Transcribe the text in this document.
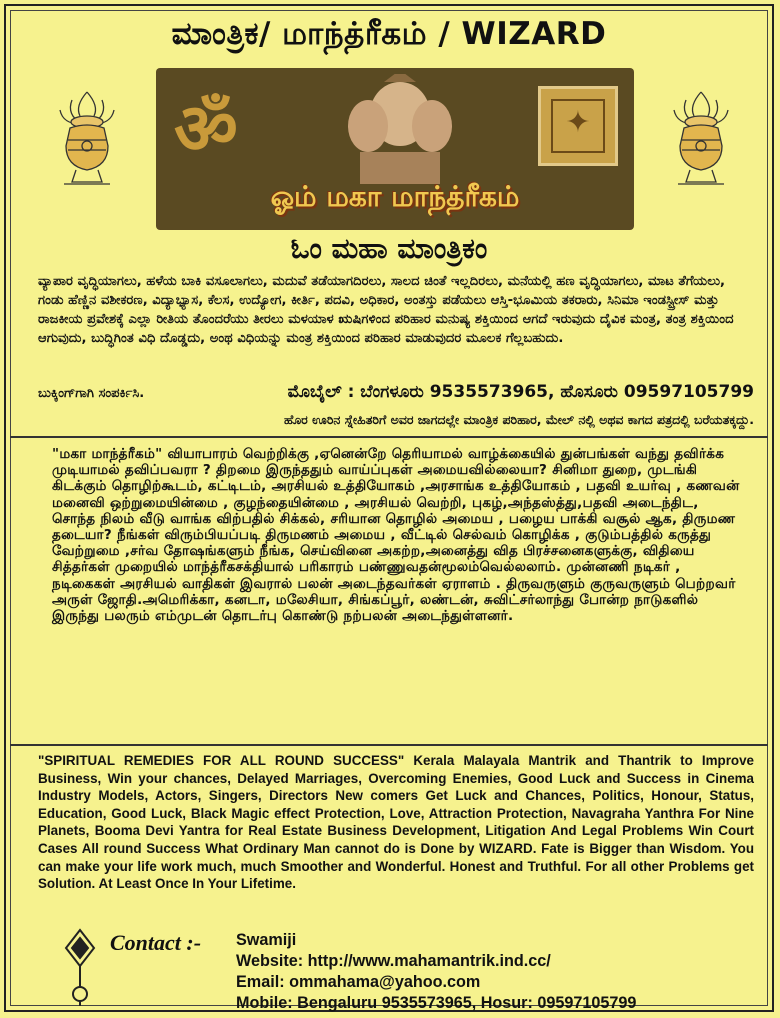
ಮಾಂತ್ರಿಕ/ மாந்த்ரீகம் / WIZARD
ॐ
✦
ஓம் மகா மாந்த்ரீகம்
ಓಂ ಮಹಾ ಮಾಂತ್ರಿಕಂ
ವ್ಯಾಪಾರ ವೃದ್ಧಿಯಾಗಲು, ಹಳೆಯ ಬಾಕಿ ವಸೂಲಾಗಲು, ಮದುವೆ ತಡೆಯಾಗದಿರಲು, ಸಾಲದ ಚಿಂತೆ ಇಲ್ಲದಿರಲು, ಮನೆಯಲ್ಲಿ ಹಣ ವೃದ್ಧಿಯಾಗಲು, ಮಾಟ ತೆಗೆಯಲು, ಗಂಡು ಹೆಣ್ಣಿನ ವಶೀಕರಣ, ವಿದ್ಯಾಭ್ಯಾಸ, ಕೆಲಸ, ಉದ್ಯೋಗ, ಕೀರ್ತಿ, ಪದವಿ, ಅಧಿಕಾರ, ಅಂತಸ್ತು ಪಡೆಯಲು ಆಸ್ತಿ-ಭೂಮಿಯ ತಕರಾರು, ಸಿನಿಮಾ ಇಂಡಸ್ಟ್ರೀಸ್ ಮತ್ತು ರಾಜಕೀಯ ಪ್ರವೇಶಕ್ಕೆ ಎಲ್ಲಾ ರೀತಿಯ ತೊಂದರೆಯು ತೀರಲು ಮಳಯಾಳ ಋಷಿಗಳಿಂದ ಪರಿಹಾರ ಮನುಷ್ಯ ಶಕ್ತಿಯಿಂದ ಆಗದೆ ಇರುವುದು ದೈವಿಕ ಮಂತ್ರ, ತಂತ್ರ ಶಕ್ತಿಯಿಂದ ಆಗುವುದು, ಬುದ್ಧಿಗಿಂತ ವಿಧಿ ದೊಡ್ಡದು, ಅಂಥ ವಿಧಿಯನ್ನು ಮಂತ್ರ ಶಕ್ತಿಯಿಂದ ಪರಿಹಾರ ಮಾಡುವುದರ ಮೂಲಕ ಗೆಲ್ಲಬಹುದು.
ಬುಕ್ಕಿಂಗ್‌ಗಾಗಿ ಸಂಪರ್ಕಿಸಿ.	ಮೊಬೈಲ್ : ಬೆಂಗಳೂರು 9535573965, ಹೊಸೂರು 09597105799
ಹೊರ ಊರಿನ ಸ್ನೇಹಿತರಿಗೆ ಅವರ ಜಾಗದಲ್ಲೇ ಮಾಂತ್ರಿಕ ಪರಿಹಾರ, ಮೇಲ್ ನಲ್ಲಿ ಅಥವ ಕಾಗದ ಪತ್ರದಲ್ಲಿ ಬರೆಯತಕ್ಕದ್ದು.
"மகா மாந்த்ரீகம்" வியாபாரம் வெற்றிக்கு ,ஏனென்றே தெரியாமல் வாழ்க்கையில் துன்பங்கள் வந்து தவிர்க்க முடியாமல் தவிப்பவரா ? திறமை இருந்ததும் வாய்ப்புகள் அமையவில்லையா? சினிமா துறை, முடங்கி கிடக்கும் தொழிற்கூடம், கட்டிடம், அரசியல் உத்தியோகம் ,அரசாங்க உத்தியோகம் , பதவி உயர்வு , கணவன் மனைவி ஒற்றுமையின்மை , குழந்தையின்மை , அரசியல் வெற்றி, புகழ்,அந்தஸ்த்து,பதவி அடைந்திட, சொந்த நிலம் வீடு வாங்க விற்பதில் சிக்கல், சரியான தொழில் அமைய , பழைய பாக்கி வசூல் ஆக, திருமண தடையா? நீங்கள் விரும்பியப்படி திருமணம் அமைய , வீட்டில் செல்வம் கொழிக்க , குடும்பத்தில் கருத்து வேற்றுமை ,சர்வ தோஷங்களும் நீங்க, செய்வினை அகற்ற,அனைத்து வித பிரச்சனைகளுக்கு, விதியை சித்தர்கள் முறையில் மாந்த்ரீகசக்தியால் பரிகாரம் பண்ணுவதன்மூலம்வெல்லலாம். முன்னணி நடிகர் , நடிகைகள் அரசியல் வாதிகள் இவரால் பலன் அடைந்தவர்கள் ஏராளம் . திருவருளும் குருவருளும் பெற்றவர் அருள் ஜோதி.அமெரிக்கா, கனடா, மலேசியா, சிங்கப்பூர், லண்டன், சுவிட்சர்லாந்து போன்ற நாடுகளில் இருந்து பலரும் எம்முடன் தொடர்பு கொண்டு நற்பலன் அடைந்துள்ளனர்.
"SPIRITUAL REMEDIES FOR ALL ROUND SUCCESS" Kerala Malayala Mantrik and Thantrik to Improve Business, Win your chances, Delayed Marriages, Overcoming Enemies, Good Luck and Success in Cinema Industry Models, Actors, Singers, Directors New comers Get Luck and Chances, Politics, Honour, Status, Education, Good Luck, Black Magic effect Protection, Love, Attraction Protection, Navagraha Yanthra For Nine Planets, Booma Devi Yantra for Real Estate Business Development, Litigation And Legal Problems Win Court Cases All round Success What Ordinary Man cannot do is Done by WIZARD. Fate is Bigger than Wisdom. You can make your life work much, much Smoother and Wonderful. Honest and Truthful. For all other Problems get Solution. At Least Once In Your Lifetime.
Contact :- Swamiji
Website: http://www.mahamantrik.ind.cc/
Email: ommahama@yahoo.com
Mobile: Bengaluru 9535573965, Hosur: 09597105799
